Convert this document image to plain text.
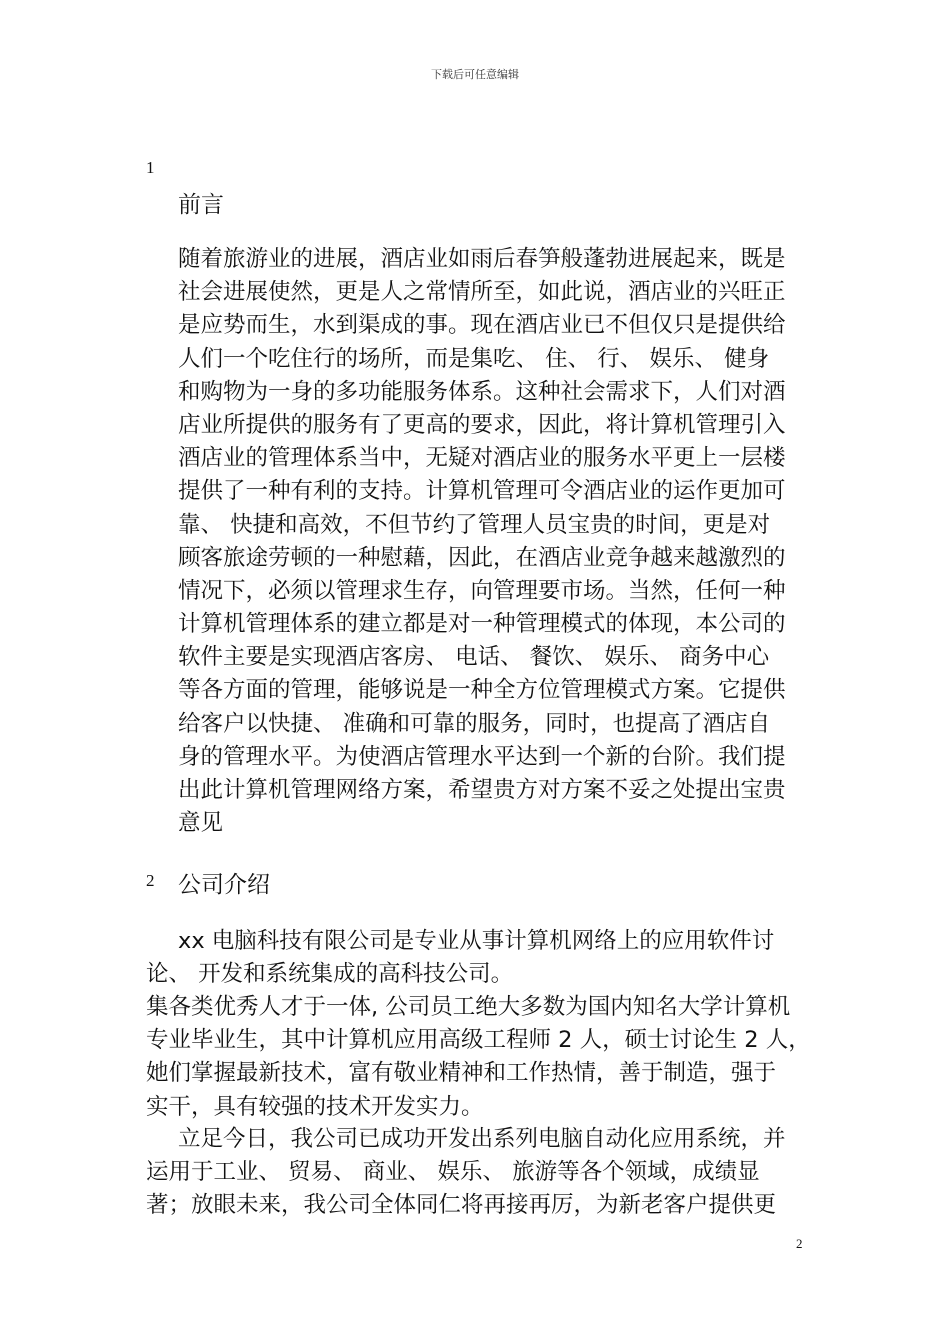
下载后可任意编辑
1
前言
随着旅游业的进展，酒店业如雨后春笋般蓬勃进展起来，既是
社会进展使然，更是人之常情所至，如此说，酒店业的兴旺正
是应势而生，水到渠成的事。现在酒店业已不但仅只是提供给
人们一个吃住行的场所，而是集吃、 住、 行、 娱乐、 健身
和购物为一身的多功能服务体系。这种社会需求下，人们对酒
店业所提供的服务有了更高的要求，因此，将计算机管理引入
酒店业的管理体系当中，无疑对酒店业的服务水平更上一层楼
提供了一种有利的支持。计算机管理可令酒店业的运作更加可
靠、 快捷和高效，不但节约了管理人员宝贵的时间，更是对
顾客旅途劳顿的一种慰藉，因此，在酒店业竞争越来越激烈的
情况下，必须以管理求生存，向管理要市场。当然，任何一种
计算机管理体系的建立都是对一种管理模式的体现，本公司的
软件主要是实现酒店客房、 电话、 餐饮、 娱乐、 商务中心
等各方面的管理，能够说是一种全方位管理模式方案。它提供
给客户以快捷、 准确和可靠的服务，同时，也提高了酒店自
身的管理水平。为使酒店管理水平达到一个新的台阶。我们提
出此计算机管理网络方案，希望贵方对方案不妥之处提出宝贵
意见
2 公司介绍
xx 电脑科技有限公司是专业从事计算机网络上的应用软件讨
论、 开发和系统集成的高科技公司。
集各类优秀人才于一体, 公司员工绝大多数为国内知名大学计算机
专业毕业生，其中计算机应用高级工程师 2 人，硕士讨论生 2 人，
她们掌握最新技术，富有敬业精神和工作热情，善于制造，强于
实干，具有较强的技术开发实力。
立足今日，我公司已成功开发出系列电脑自动化应用系统，并
运用于工业、 贸易、 商业、 娱乐、 旅游等各个领域，成绩显
著；放眼未来，我公司全体同仁将再接再厉，为新老客户提供更
2
